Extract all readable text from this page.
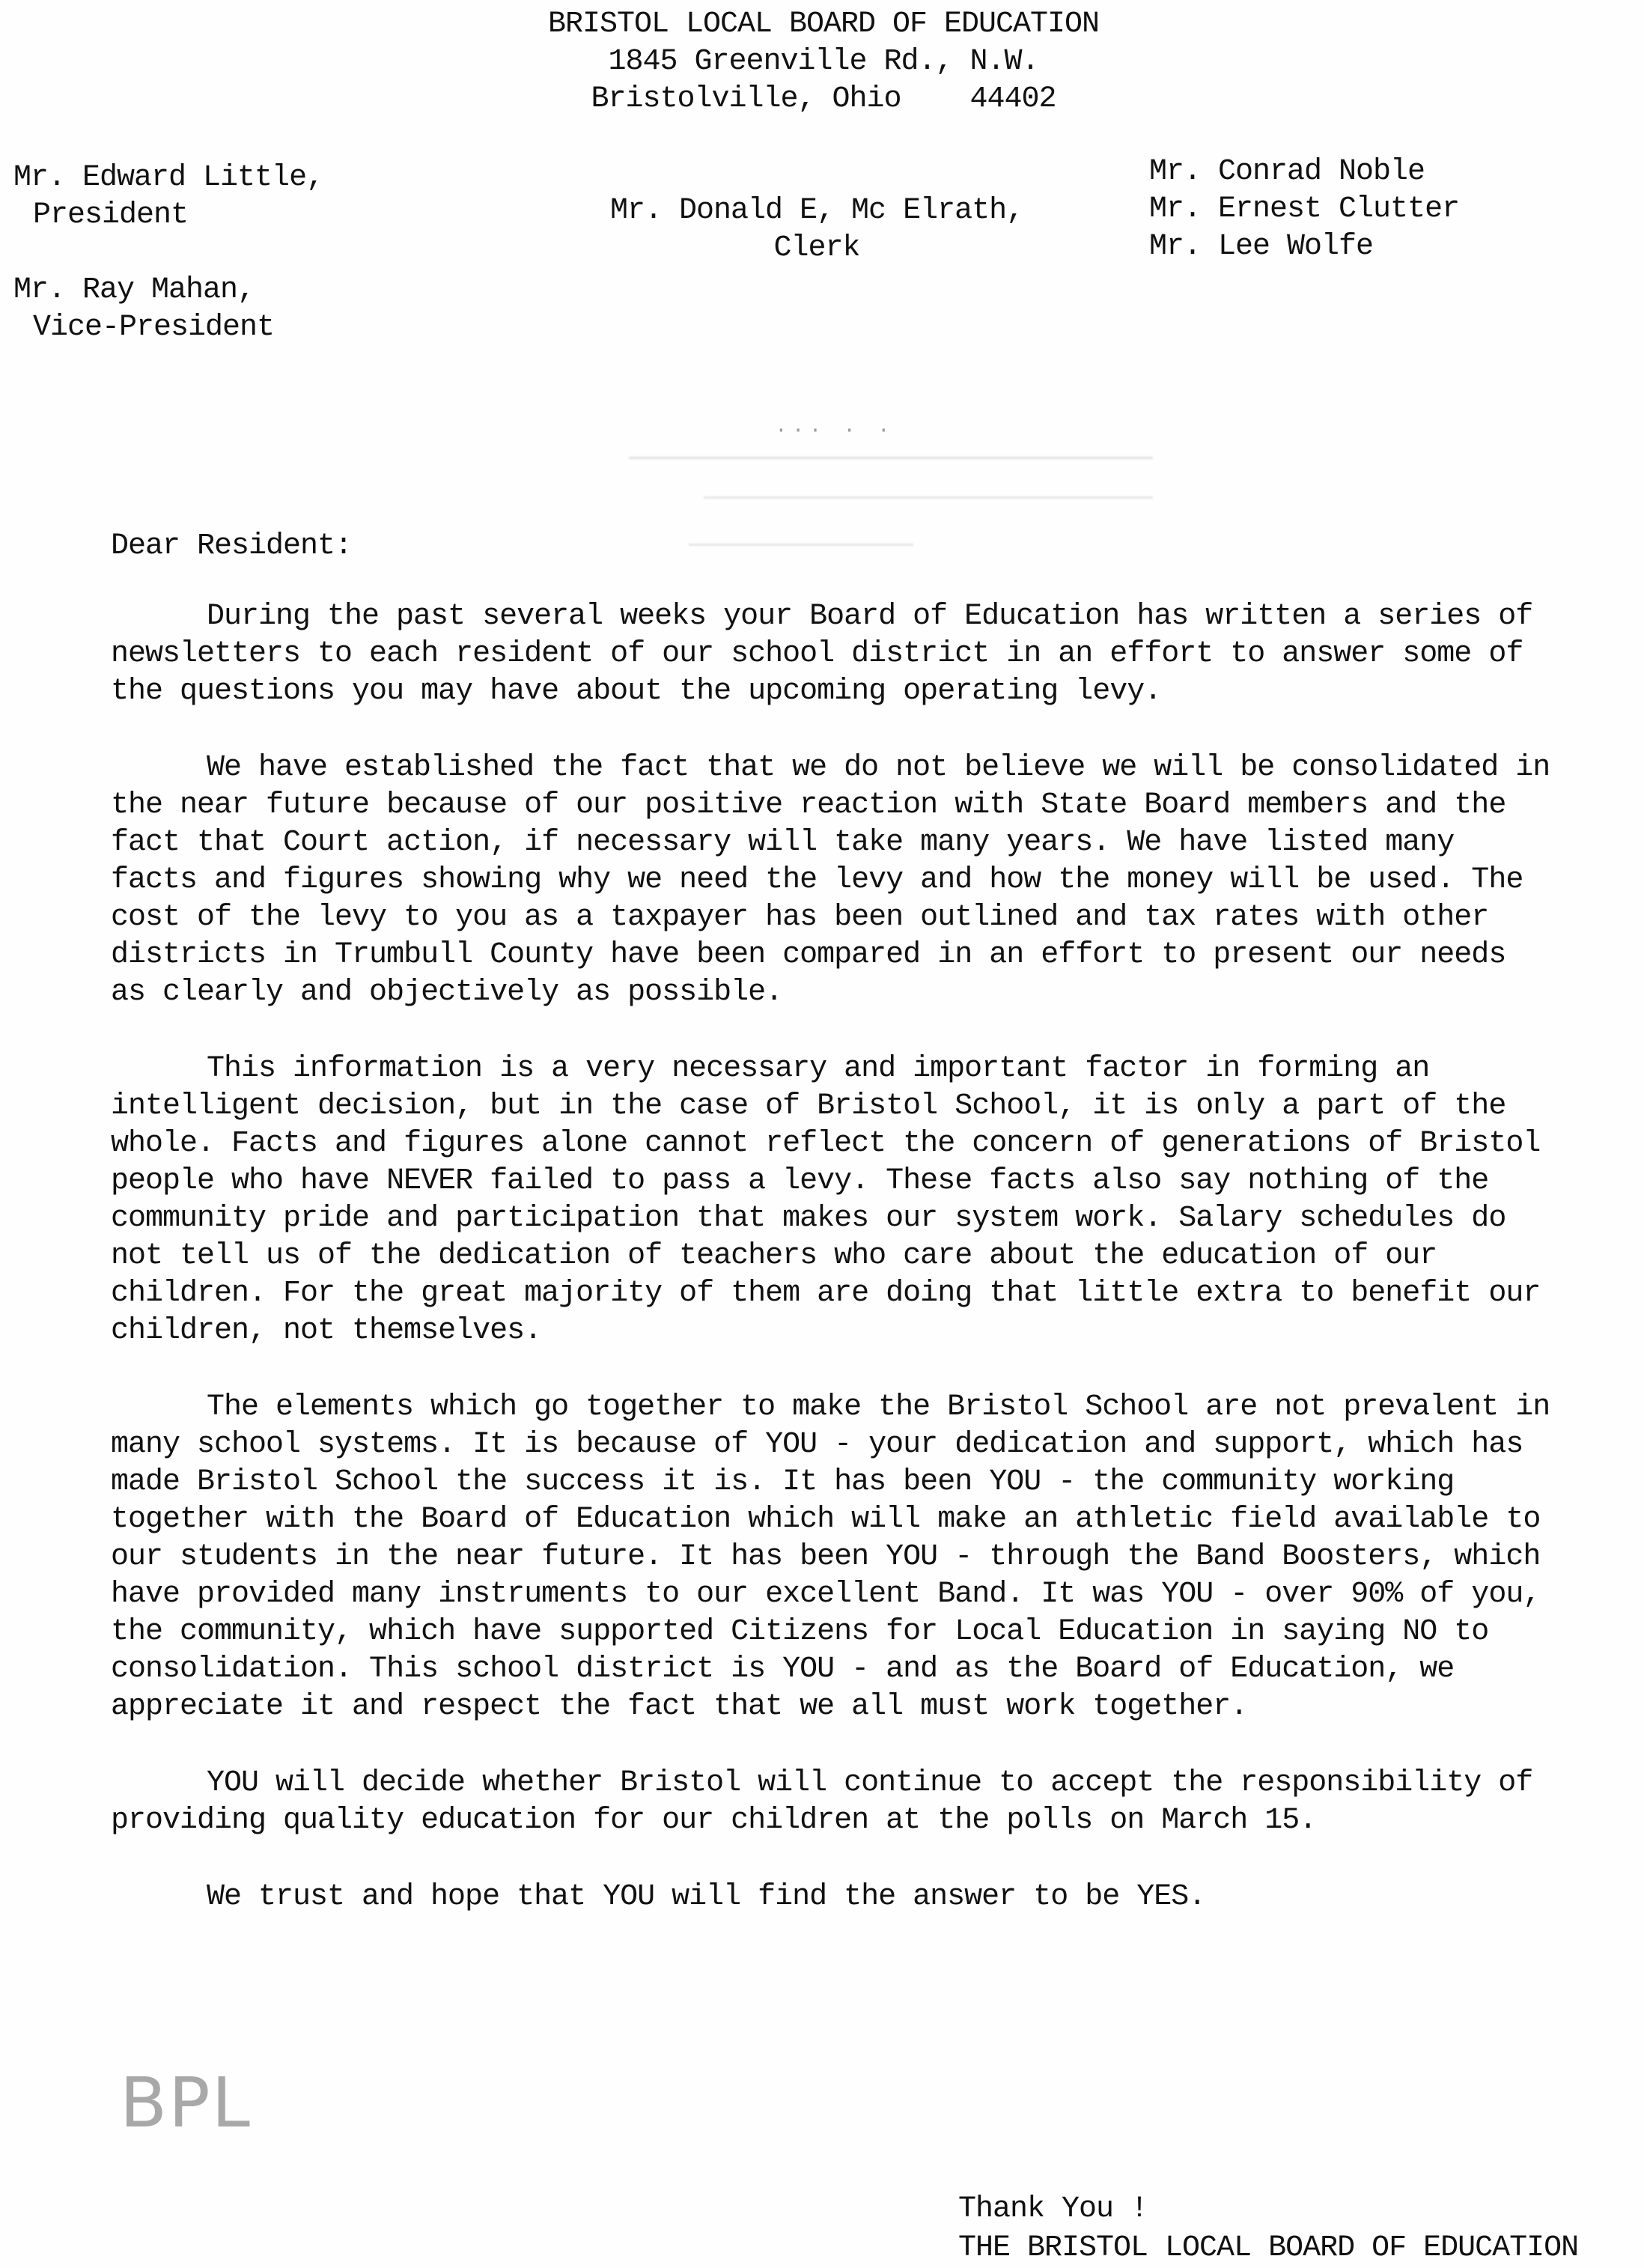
BRISTOL LOCAL BOARD OF EDUCATION
1845 Greenville Rd., N.W.
Bristolville, Ohio    44402
Mr. Edward Little,
President
Mr. Ray Mahan,
Vice-President
Mr. Donald E, Mc Elrath,
Clerk
Mr. Conrad Noble
Mr. Ernest Clutter
Mr. Lee Wolfe
··· · ·
Dear Resident:
During the past several weeks your Board of Education has written a series of newsletters to each resident of our school district in an effort to answer some of the questions you may have about the upcoming operating levy.
We have established the fact that we do not believe we will be consolidated in the near future because of our positive reaction with State Board members and the fact that Court action, if necessary will take many years. We have listed many facts and figures showing why we need the levy and how the money will be used. The cost of the levy to you as a taxpayer has been outlined and tax rates with other districts in Trumbull County have been compared in an effort to present our needs as clearly and objectively as possible.
This information is a very necessary and important factor in forming an intelligent decision, but in the case of Bristol School, it is only a part of the whole. Facts and figures alone cannot reflect the concern of generations of Bristol people who have NEVER failed to pass a levy. These facts also say nothing of the community pride and participation that makes our system work. Salary schedules do not tell us of the dedication of teachers who care about the education of our children. For the great majority of them are doing that little extra to benefit our children, not themselves.
The elements which go together to make the Bristol School are not prevalent in many school systems. It is because of YOU - your dedication and support, which has made Bristol School the success it is. It has been YOU - the community working together with the Board of Education which will make an athletic field available to our students in the near future. It has been YOU - through the Band Boosters, which have provided many instruments to our excellent Band. It was YOU - over 90% of you, the community, which have supported Citizens for Local Education in saying NO to consolidation. This school district is YOU - and as the Board of Education, we appreciate it and respect the fact that we all must work together.
YOU will decide whether Bristol will continue to accept the responsibility of providing quality education for our children at the polls on March 15.
We trust and hope that YOU will find the answer to be YES.
BPL
Thank You !
THE BRISTOL LOCAL BOARD OF EDUCATION
